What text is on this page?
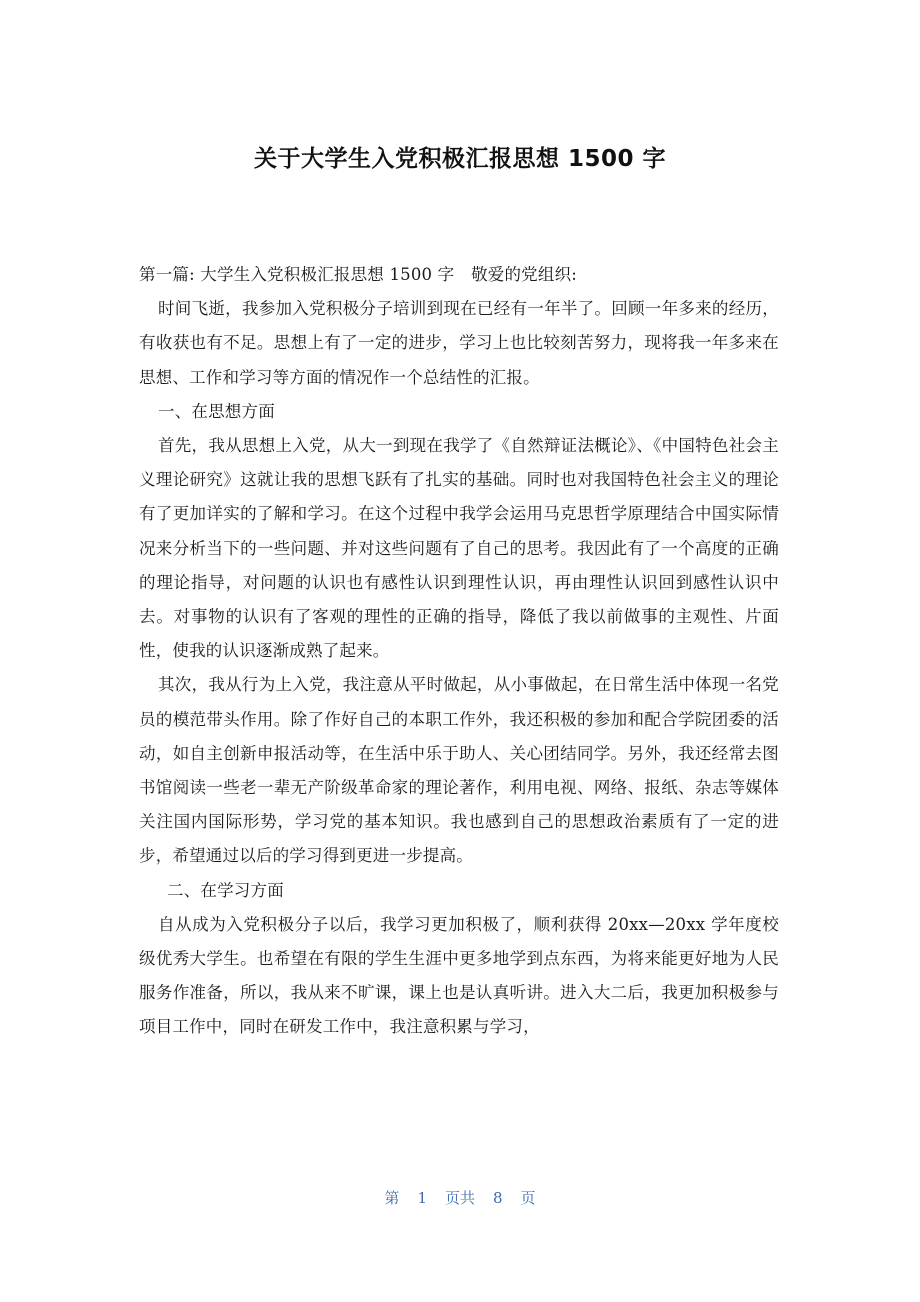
关于大学生入党积极汇报思想 1500 字

第一篇: 大学生入党积极汇报思想 1500 字　敬爱的党组织:

时间飞逝，我参加入党积极分子培训到现在已经有一年半了。回顾一年多来的经历，有收获也有不足。思想上有了一定的进步，学习上也比较刻苦努力，现将我一年多来在思想、工作和学习等方面的情况作一个总结性的汇报。

一、在思想方面

首先，我从思想上入党，从大一到现在我学了《自然辩证法概论》、《中国特色社会主义理论研究》这就让我的思想飞跃有了扎实的基础。同时也对我国特色社会主义的理论有了更加详实的了解和学习。在这个过程中我学会运用马克思哲学原理结合中国实际情况来分析当下的一些问题、并对这些问题有了自己的思考。我因此有了一个高度的正确的理论指导，对问题的认识也有感性认识到理性认识，再由理性认识回到感性认识中去。对事物的认识有了客观的理性的正确的指导，降低了我以前做事的主观性、片面性，使我的认识逐渐成熟了起来。

其次，我从行为上入党，我注意从平时做起，从小事做起，在日常生活中体现一名党员的模范带头作用。除了作好自己的本职工作外，我还积极的参加和配合学院团委的活动，如自主创新申报活动等，在生活中乐于助人、关心团结同学。另外，我还经常去图书馆阅读一些老一辈无产阶级革命家的理论著作，利用电视、网络、报纸、杂志等媒体关注国内国际形势，学习党的基本知识。我也感到自己的思想政治素质有了一定的进步，希望通过以后的学习得到更进一步提高。

二、在学习方面

自从成为入党积极分子以后，我学习更加积极了，顺利获得 20xx—20xx 学年度校级优秀大学生。也希望在有限的学生生涯中更多地学到点东西，为将来能更好地为人民服务作准备，所以，我从来不旷课，课上也是认真听讲。进入大二后，我更加积极参与项目工作中，同时在研发工作中，我注意积累与学习，

第 1 页共 8 页
